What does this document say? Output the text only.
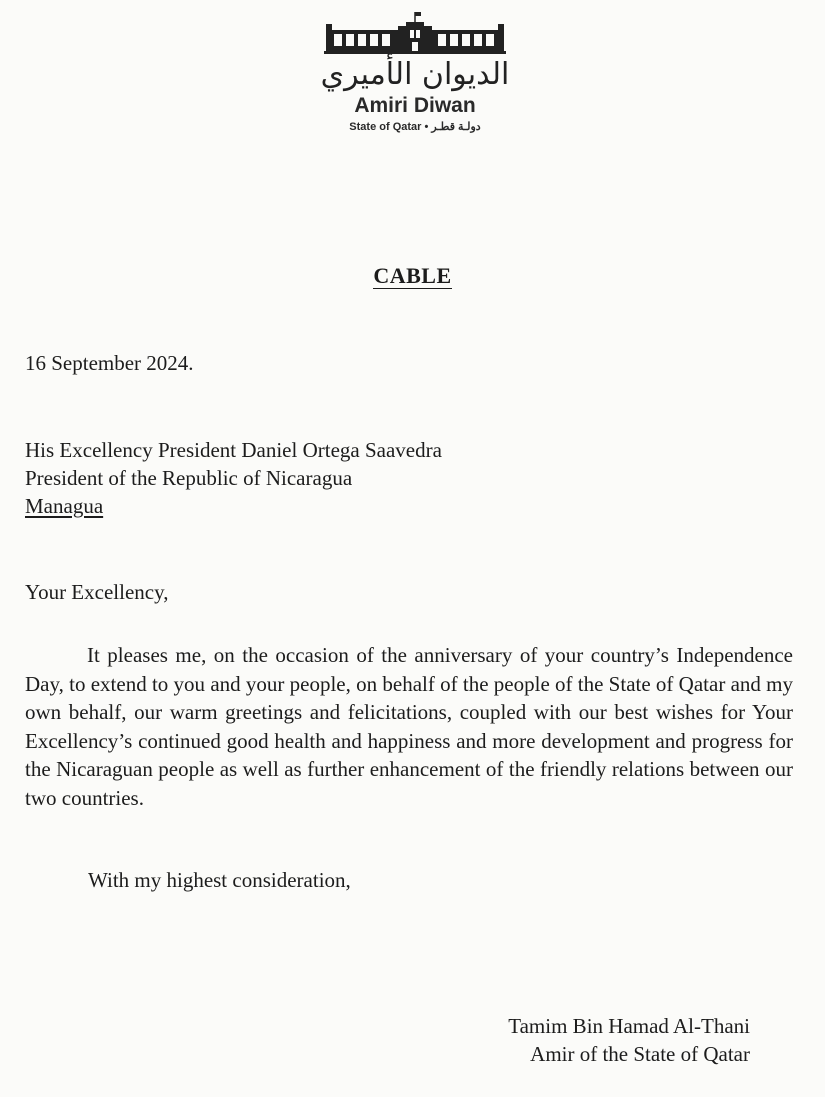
الديوان الأميري
Amiri Diwan
State of Qatar • دولـة قطـر
CABLE
16 September 2024.
His Excellency President Daniel Ortega Saavedra
President of the Republic of Nicaragua
Managua
Your Excellency,

It pleases me, on the occasion of the anniversary of your country’s Independence Day, to extend to you and your people, on behalf of the people of the State of Qatar and my own behalf, our warm greetings and felicitations, coupled with our best wishes for Your Excellency’s continued good health and happiness and more development and progress for the Nicaraguan people as well as further enhancement of the friendly relations between our two countries.

With my highest consideration,
Tamim Bin Hamad Al-Thani
Amir of the State of Qatar
